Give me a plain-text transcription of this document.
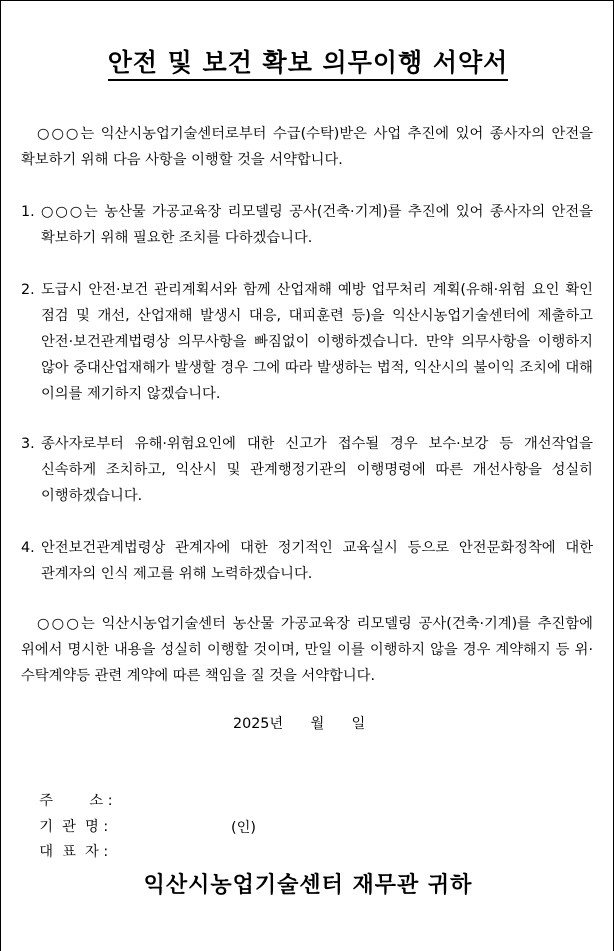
안전 및 보건 확보 의무이행 서약서
○○○는 익산시농업기술센터로부터 수급(수탁)받은 사업 추진에 있어 종사자의 안전을 확보하기 위해 다음 사항을 이행할 것을 서약합니다.
1. ○○○는 농산물 가공교육장 리모델링 공사(건축·기계)를 추진에 있어 종사자의 안전을 확보하기 위해 필요한 조치를 다하겠습니다.
2. 도급시 안전·보건 관리계획서와 함께 산업재해 예방 업무처리 계획(유해·위험 요인 확인 점검 및 개선, 산업재해 발생시 대응, 대피훈련 등)을 익산시농업기술센터에 제출하고 안전·보건관계법령상 의무사항을 빠짐없이 이행하겠습니다. 만약 의무사항을 이행하지 않아 중대산업재해가 발생할 경우 그에 따라 발생하는 법적, 익산시의 불이익 조치에 대해 이의를 제기하지 않겠습니다.
3. 종사자로부터 유해·위험요인에 대한 신고가 접수될 경우 보수·보강 등 개선작업을 신속하게 조치하고, 익산시 및 관계행정기관의 이행명령에 따른 개선사항을 성실히 이행하겠습니다.
4. 안전보건관계법령상 관계자에 대한 정기적인 교육실시 등으로 안전문화정착에 대한 관계자의 인식 제고를 위해 노력하겠습니다.
○○○는 익산시농업기술센터 농산물 가공교육장 리모델링 공사(건축·기계)를 추진함에 위에서 명시한 내용을 성실히 이행할 것이며, 만일 이를 이행하지 않을 경우 계약해지 등 위·수탁계약등 관련 계약에 따른 책임을 질 것을 서약합니다.
2025년      월      일

주        소 :

기  관  명 :

대  표  자 :

(인)
익산시농업기술센터 재무관 귀하
